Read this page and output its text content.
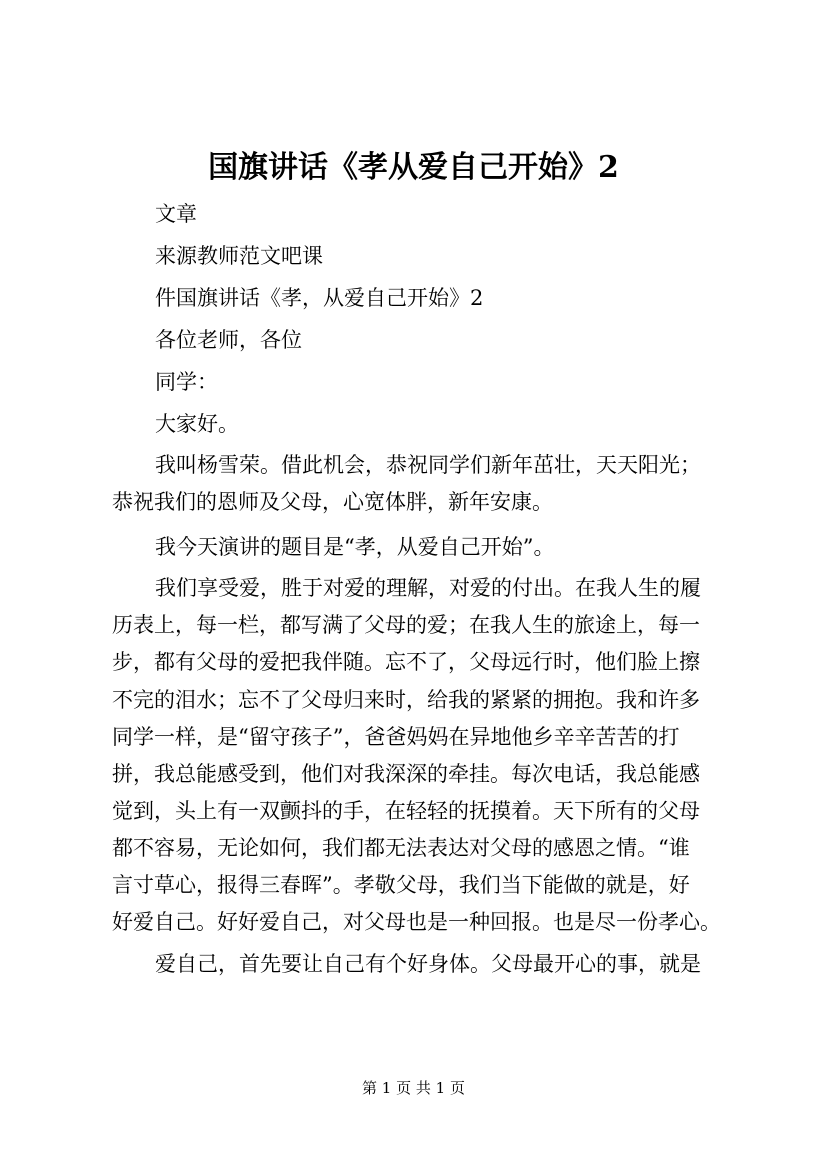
国旗讲话《孝从爱自己开始》2
文章
来源教师范文吧课
件国旗讲话《孝，从爱自己开始》2
各位老师，各位
同学：
大家好。
我叫杨雪荣。借此机会，恭祝同学们新年茁壮，天天阳光；
恭祝我们的恩师及父母，心宽体胖，新年安康。
我今天演讲的题目是“孝，从爱自己开始”。
我们享受爱，胜于对爱的理解，对爱的付出。在我人生的履
历表上，每一栏，都写满了父母的爱；在我人生的旅途上，每一
步，都有父母的爱把我伴随。忘不了，父母远行时，他们脸上擦
不完的泪水；忘不了父母归来时，给我的紧紧的拥抱。我和许多
同学一样，是“留守孩子”，爸爸妈妈在异地他乡辛辛苦苦的打
拼，我总能感受到，他们对我深深的牵挂。每次电话，我总能感
觉到，头上有一双颤抖的手，在轻轻的抚摸着。天下所有的父母
都不容易，无论如何，我们都无法表达对父母的感恩之情。“谁
言寸草心，报得三春晖”。孝敬父母，我们当下能做的就是，好
好爱自己。好好爱自己，对父母也是一种回报。也是尽一份孝心。
爱自己，首先要让自己有个好身体。父母最开心的事，就是
第 1 页 共 1 页
